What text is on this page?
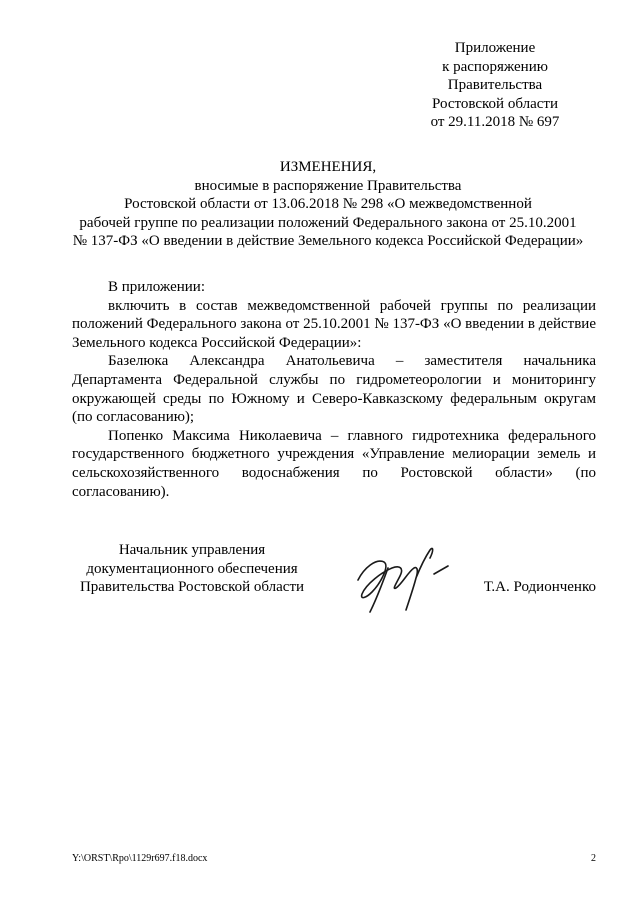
Приложение
к распоряжению
Правительства
Ростовской области
от 29.11.2018 № 697
ИЗМЕНЕНИЯ,
вносимые в распоряжение Правительства
Ростовской области от 13.06.2018 № 298 «О межведомственной
рабочей группе по реализации положений Федерального закона от 25.10.2001
№ 137-ФЗ «О введении в действие Земельного кодекса Российской Федерации»

В приложении:

включить в состав межведомственной рабочей группы по реализации положений Федерального закона от 25.10.2001 № 137-ФЗ «О введении в действие Земельного кодекса Российской Федерации»:

Базелюка Александра Анатольевича – заместителя начальника Департамента Федеральной службы по гидрометеорологии и мониторингу окружающей среды по Южному и Северо-Кавказскому федеральным округам (по согласованию);

Попенко Максима Николаевича – главного гидротехника федерального государственного бюджетного учреждения «Управление мелиорации земель и сельскохозяйственного водоснабжения по Ростовской области» (по согласованию).

Начальник управления
документационного обеспечения
Правительства Ростовской области	Т.А. Родионченко
Y:\ORST\Rpo\1129r697.f18.docx	2
